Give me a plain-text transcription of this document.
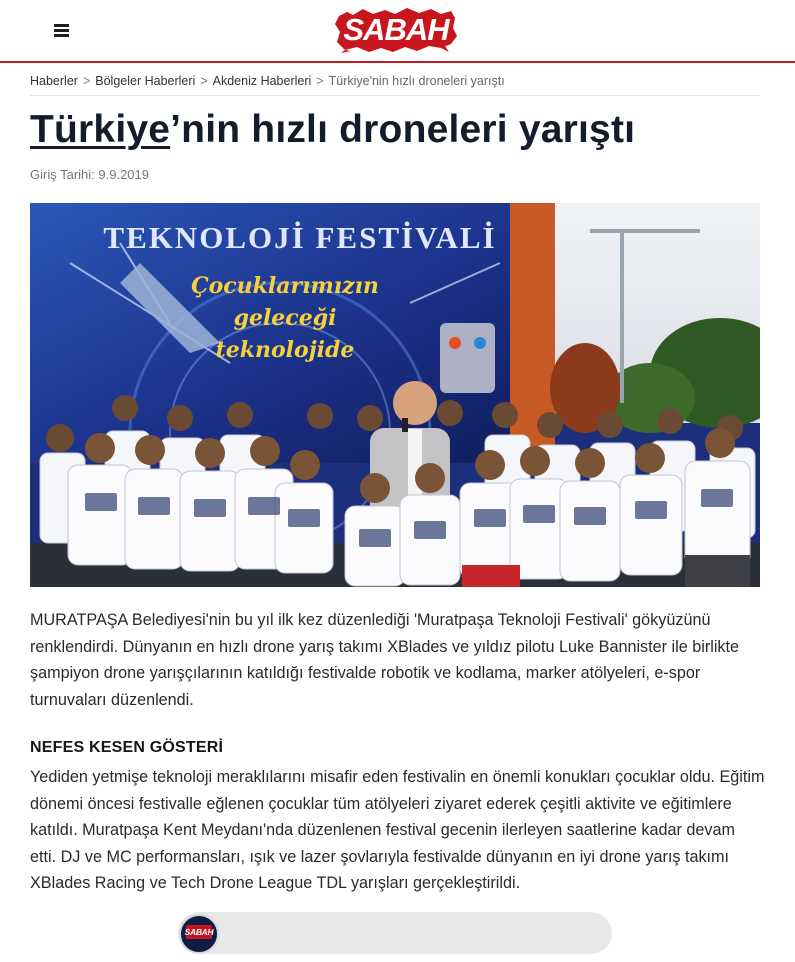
SABAH
Haberler > Bölgeler Haberleri > Akdeniz Haberleri > Türkiye'nin hızlı droneleri yarıştı
Türkiye’nin hızlı droneleri yarıştı
Giriş Tarihi: 9.9.2019
TEKNOLOJİ FESTİVALİ
Çocuklarımızın
geleceği
teknolojide

MURATPAŞA Belediyesi'nin bu yıl ilk kez düzenlediği 'Muratpaşa Teknoloji Festivali' gökyüzünü renklendirdi. Dünyanın en hızlı drone yarış takımı XBlades ve yıldız pilotu Luke Bannister ile birlikte şampiyon drone yarışçılarının katıldığı festivalde robotik ve kodlama, marker atölyeleri, e-spor turnuvaları düzenlendi.

NEFES KESEN GÖSTERİ

Yediden yetmişe teknoloji meraklılarını misafir eden festivalin en önemli konukları çocuklar oldu. Eğitim dönemi öncesi festivalle eğlenen çocuklar tüm atölyeleri ziyaret ederek çeşitli aktivite ve eğitimlere katıldı. Muratpaşa Kent Meydanı'nda düzenlenen festival gecenin ilerleyen saatlerine kadar devam etti. DJ ve MC performansları, ışık ve lazer şovlarıyla festivalde dünyanın en iyi drone yarış takımı XBlades Racing ve Tech Drone League TDL yarışları gerçekleştirildi.

SABAH
